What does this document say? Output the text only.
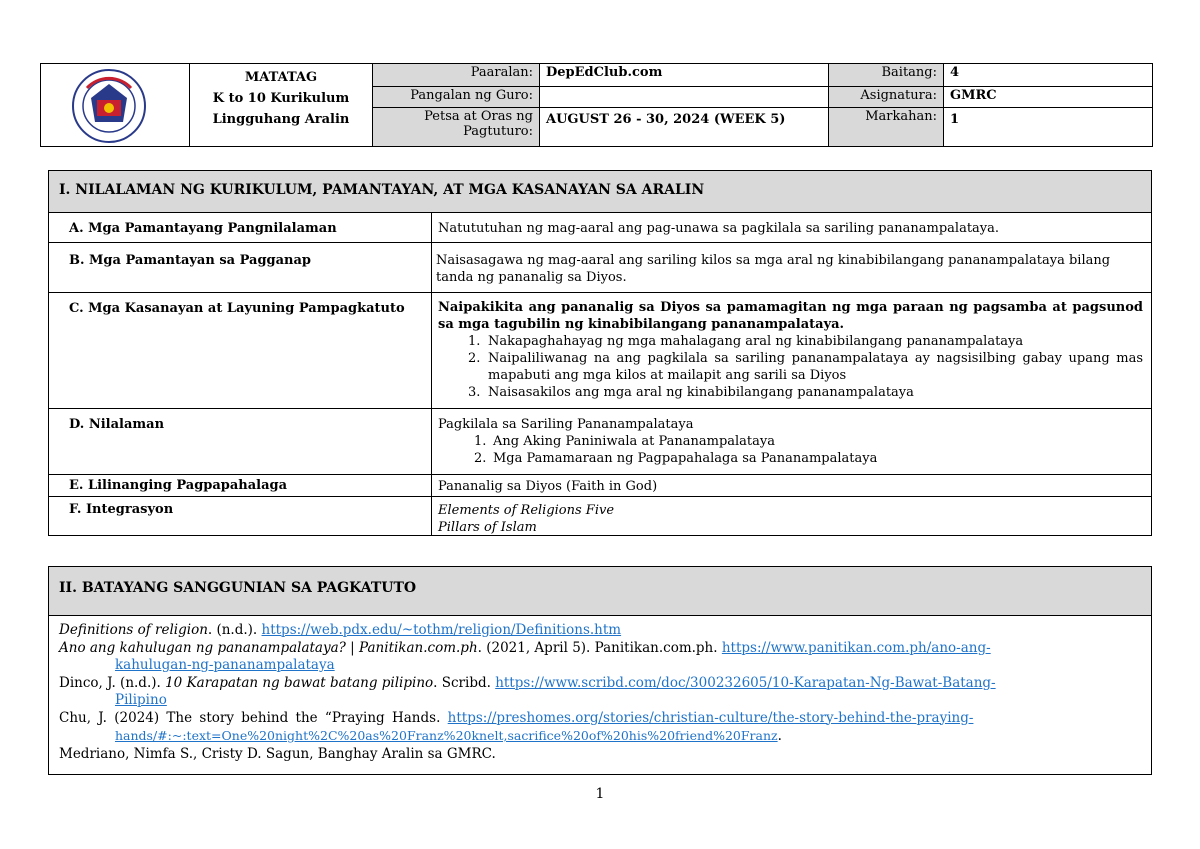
MATATAG
K to 10 Kurikulum
Lingguhang Aralin
Paaralan:	DepEdClub.com
Pangalan ng Guro:
Petsa at Oras ng Pagtuturo:
AUGUST 26 - 30, 2024 (WEEK 5)
Baitang:	4
Asignatura:	GMRC
Markahan:	1
I. NILALAMAN NG KURIKULUM, PAMANTAYAN, AT MGA KASANAYAN SA ARALIN
A. Mga Pamantayang Pangnilalaman	Natututuhan ng mag-aaral ang pag-unawa sa pagkilala sa sariling pananampalataya.
B. Mga Pamantayan sa Pagganap	Naisasagawa ng mag-aaral ang sariling kilos sa mga aral ng kinabibilangang pananampalataya bilang tanda ng pananalig sa Diyos.
C. Mga Kasanayan at Layuning Pampagkatuto	Naipakikita ang pananalig sa Diyos sa pamamagitan ng mga paraan ng pagsamba at pagsunod sa mga tagubilin ng kinabibilangang pananampalataya.
1. Nakapaghahayag ng mga mahalagang aral ng kinabibilangang pananampalataya
2. Naipaliliwanag na ang pagkilala sa sariling pananampalataya ay nagsisilbing gabay upang mas mapabuti ang mga kilos at mailapit ang sarili sa Diyos
3. Naisasakilos ang mga aral ng kinabibilangang pananampalataya
D. Nilalaman	Pagkilala sa Sariling Pananampalataya
1. Ang Aking Paniniwala at Pananampalataya
2. Mga Pamamaraan ng Pagpapahalaga sa Pananampalataya
E. Lilinanging Pagpapahalaga	Pananalig sa Diyos (Faith in God)
F. Integrasyon	Elements of Religions Five
Pillars of Islam
II. BATAYANG SANGGUNIAN SA PAGKATUTO
Definitions of religion. (n.d.). https://web.pdx.edu/~tothm/religion/Definitions.htm
Ano ang kahulugan ng pananampalataya? | Panitikan.com.ph. (2021, April 5). Panitikan.com.ph. https://www.panitikan.com.ph/ano-ang-
kahulugan-ng-pananampalataya
Dinco, J. (n.d.). 10 Karapatan ng bawat batang pilipino. Scribd. https://www.scribd.com/doc/300232605/10-Karapatan-Ng-Bawat-Batang-
Pilipino
Chu, J. (2024) The story behind the “Praying Hands. https://preshomes.org/stories/christian-culture/the-story-behind-the-praying-
hands/#:~:text=One%20night%2C%20as%20Franz%20knelt,sacrifice%20of%20his%20friend%20Franz.
Medriano, Nimfa S., Cristy D. Sagun, Banghay Aralin sa GMRC.
1
